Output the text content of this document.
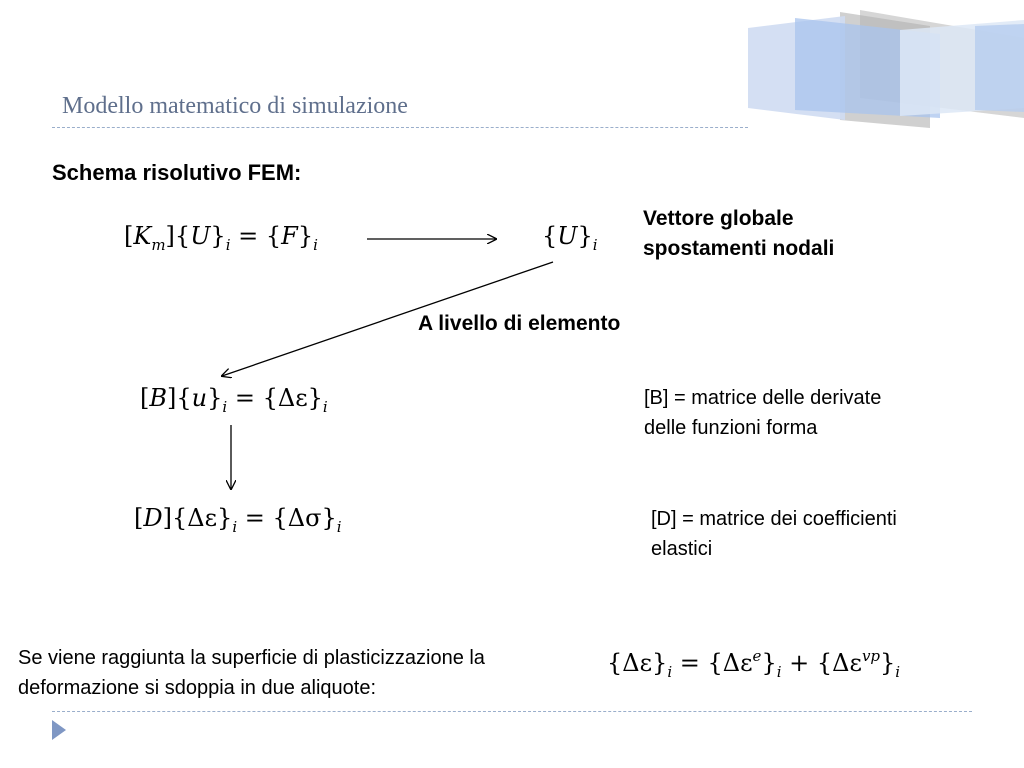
Modello matematico di simulazione
Schema risolutivo FEM:
$[K_m]\{U\}_i = \{F\}_i$	$\{U\}_i$
Vettore globale
spostamenti nodali
A livello di elemento
$[B]\{u\}_i = \{\Delta\varepsilon\}_i$	[B] = matrice delle derivate
delle funzioni forma
$[D]\{\Delta\varepsilon\}_i = \{\Delta\sigma\}_i$	[D] = matrice dei coefficienti
elastici
Se viene raggiunta la superficie di plasticizzazione la
deformazione si sdoppia in due aliquote:
$\{\Delta\varepsilon\}_i = \{\Delta\varepsilon^e\}_i + \{\Delta\varepsilon^{vp}\}_i$
